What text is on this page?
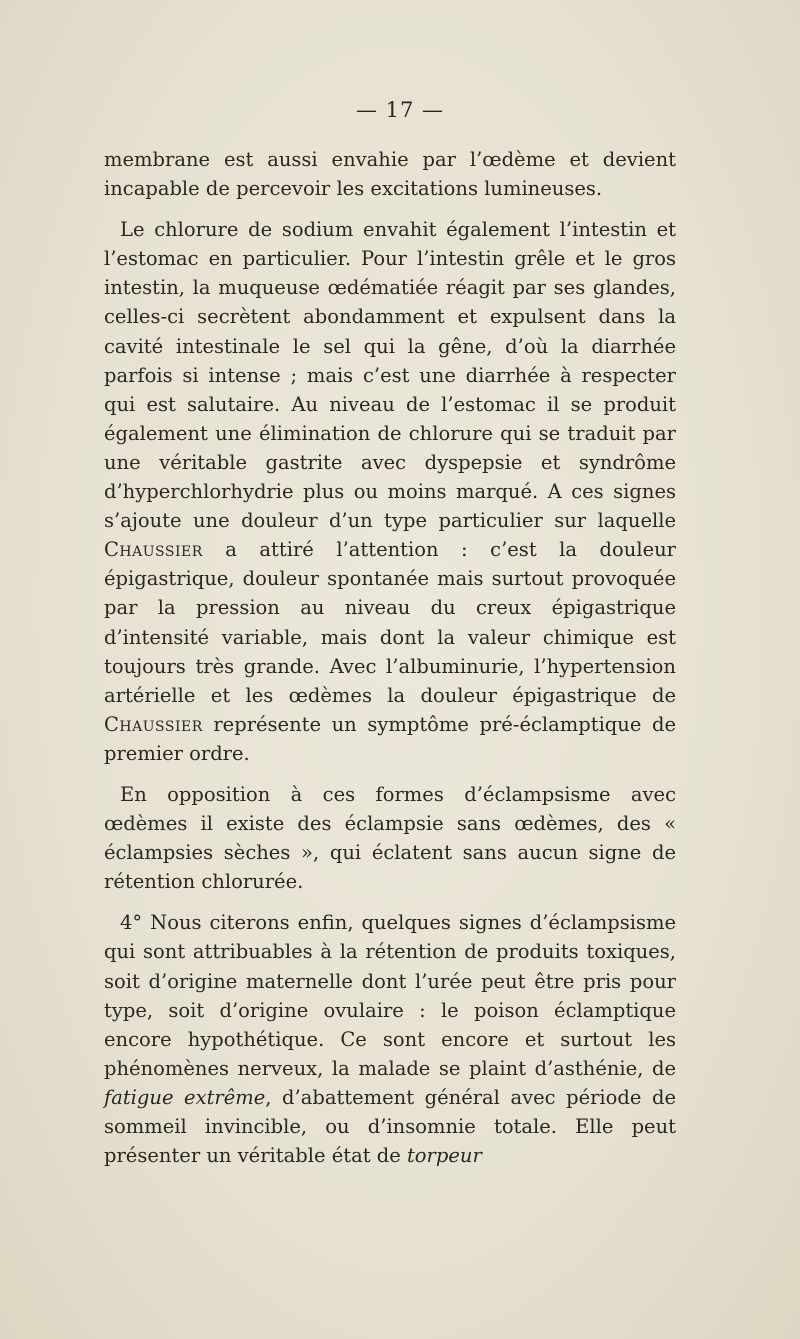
— 17 —

membrane est aussi envahie par l’œdème et devient incapable de percevoir les excitations lumineuses.

Le chlorure de sodium envahit également l’intestin et l’estomac en particulier. Pour l’intestin grêle et le gros intestin, la muqueuse œdématiée réagit par ses glandes, celles-ci secrètent abondamment et expulsent dans la cavité intestinale le sel qui la gêne, d’où la diarrhée parfois si intense ; mais c’est une diarrhée à respecter qui est salutaire. Au niveau de l’estomac il se produit également une élimination de chlorure qui se traduit par une véritable gastrite avec dyspepsie et syndrôme d’hyperchlorhydrie plus ou moins marqué. A ces signes s’ajoute une douleur d’un type particulier sur laquelle Chaussier a attiré l’attention : c’est la douleur épigastrique, douleur spontanée mais surtout provoquée par la pression au niveau du creux épigastrique d’intensité variable, mais dont la valeur chimique est toujours très grande. Avec l’albuminurie, l’hypertension artérielle et les œdèmes la douleur épigastrique de Chaussier représente un symptôme pré-éclamptique de premier ordre.

En opposition à ces formes d’éclampsisme avec œdèmes il existe des éclampsie sans œdèmes, des « éclampsies sèches », qui éclatent sans aucun signe de rétention chlorurée.

4° Nous citerons enfin, quelques signes d’éclampsisme qui sont attribuables à la rétention de produits toxiques, soit d’origine maternelle dont l’urée peut être pris pour type, soit d’origine ovulaire : le poison éclamptique encore hypothétique. Ce sont encore et surtout les phénomènes nerveux, la malade se plaint d’asthénie, de fatigue extrême, d’abattement général avec période de sommeil invincible, ou d’insomnie totale. Elle peut présenter un véritable état de torpeur
